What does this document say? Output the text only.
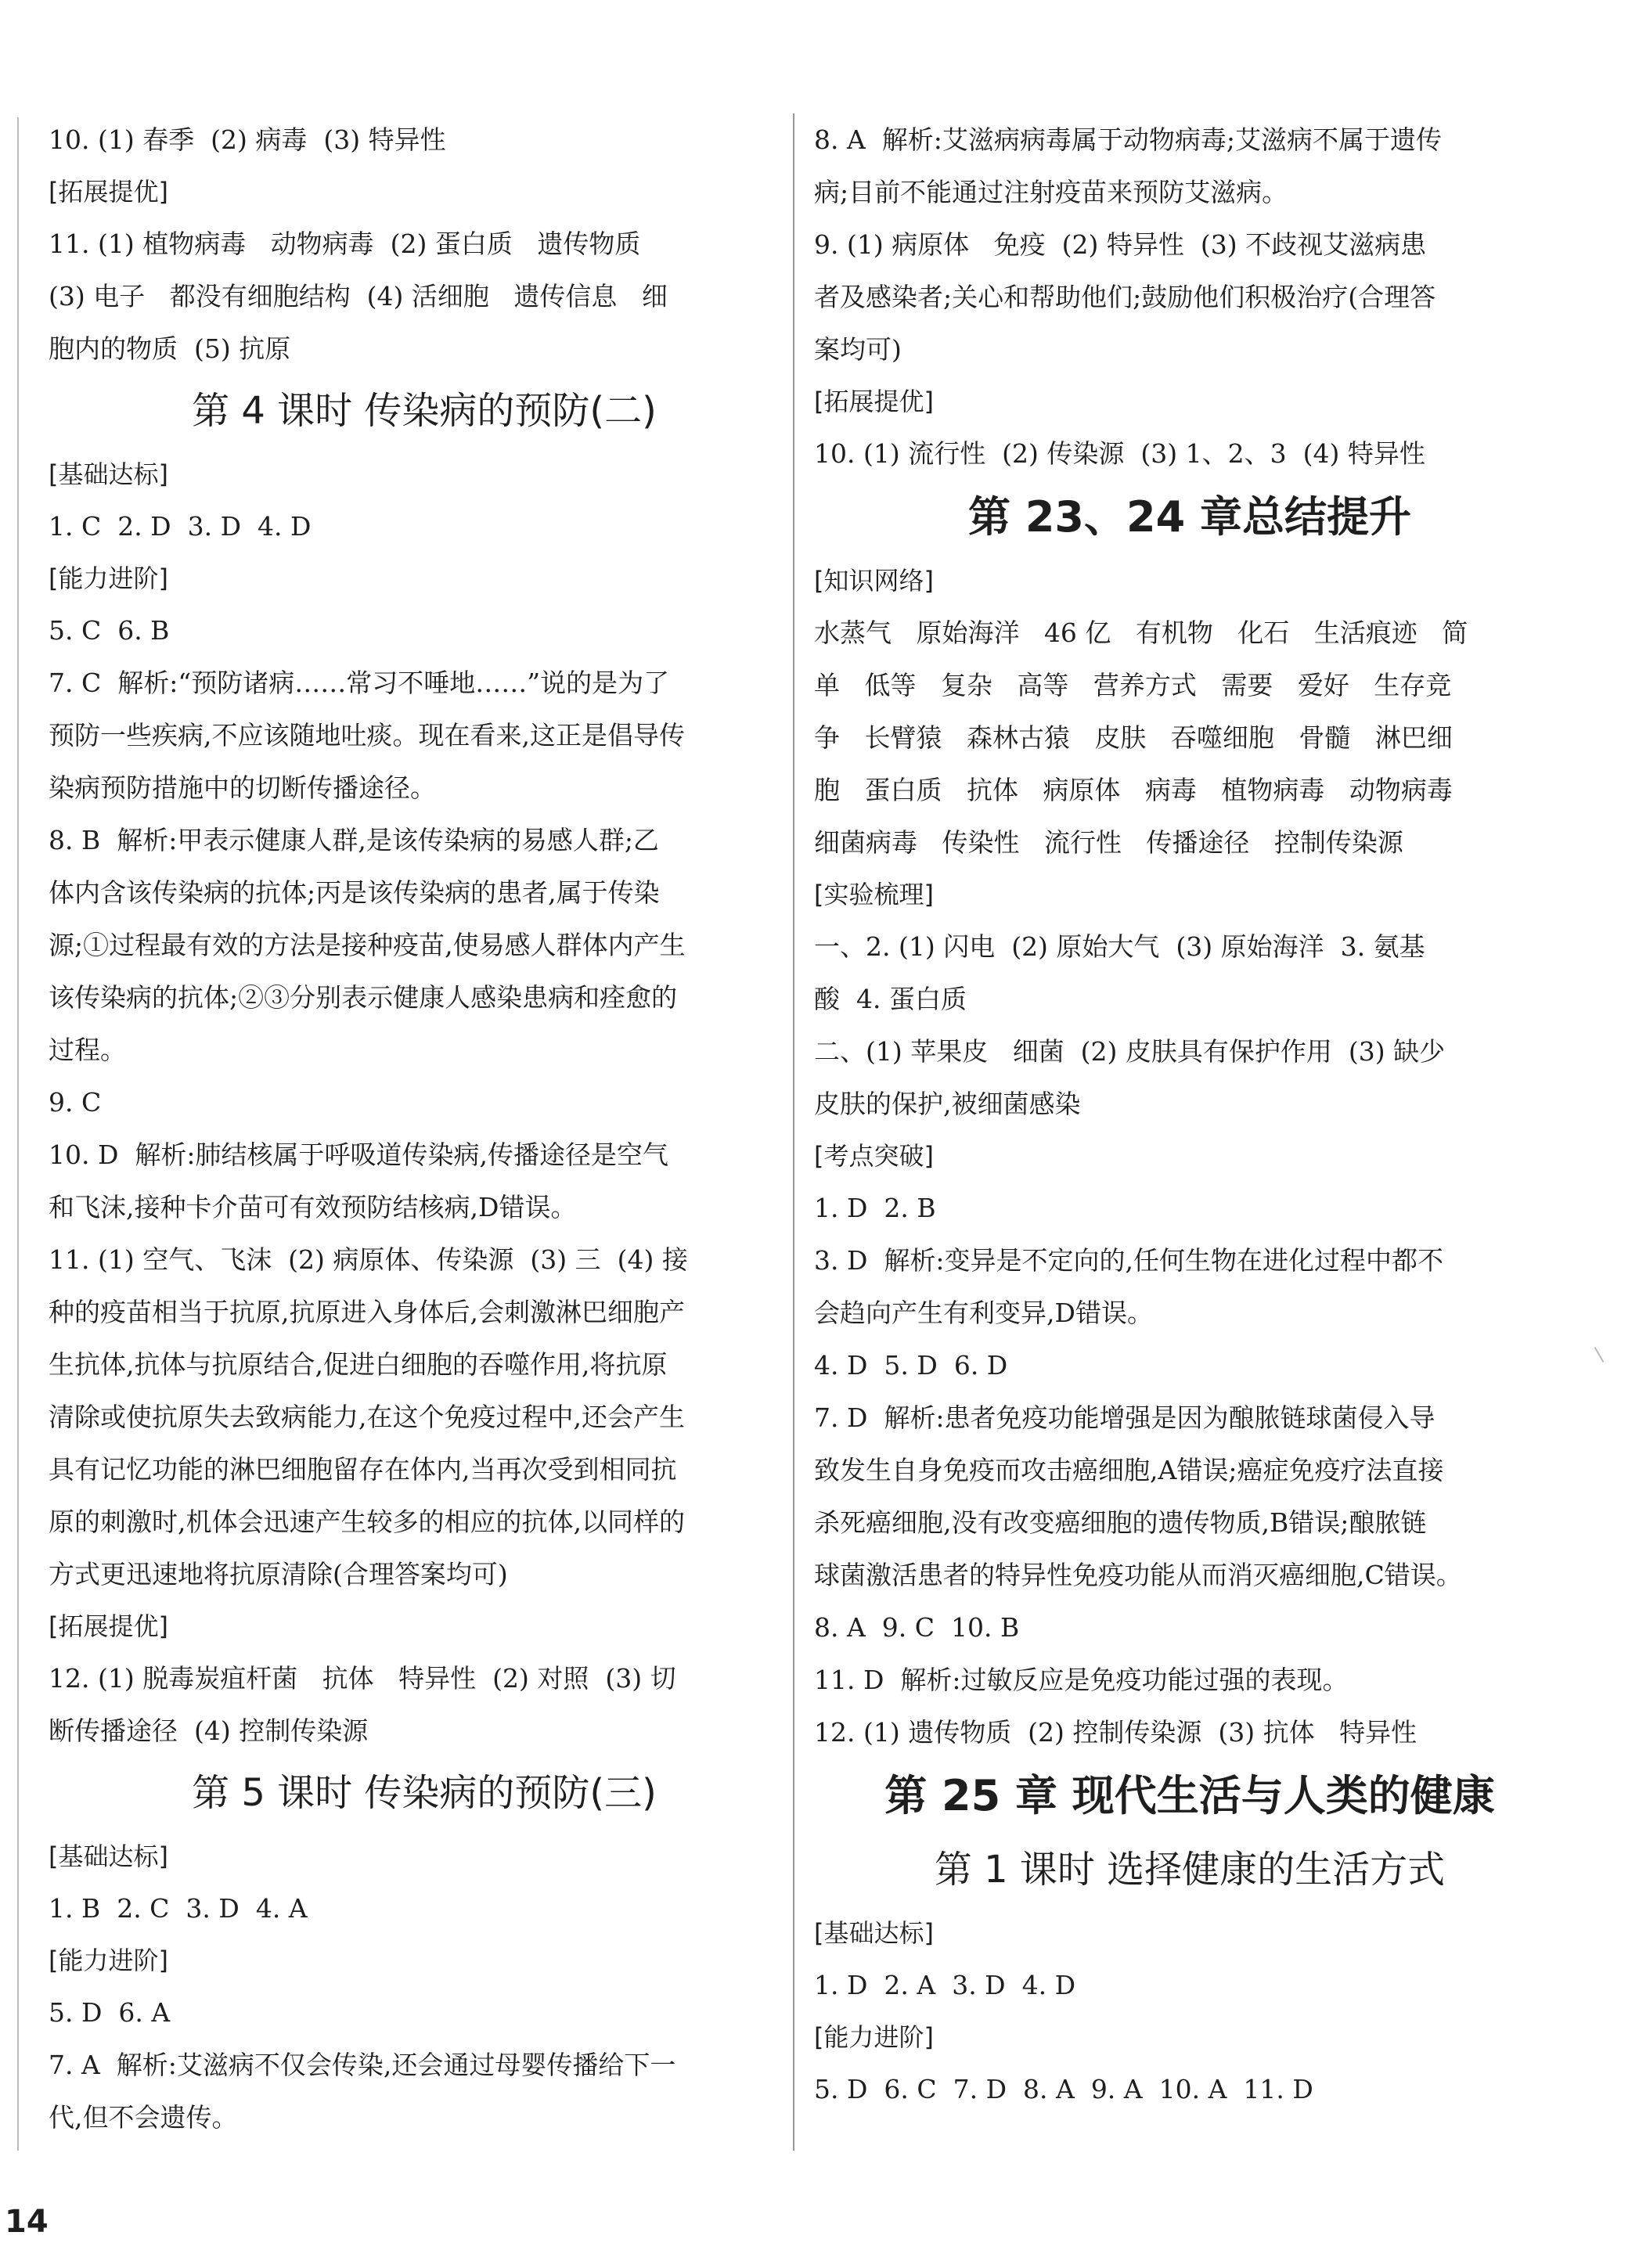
10. (1) 春季  (2) 病毒  (3) 特异性

[拓展提优]

11. (1) 植物病毒   动物病毒  (2) 蛋白质   遗传物质

(3) 电子   都没有细胞结构  (4) 活细胞   遗传信息   细

胞内的物质  (5) 抗原

第 4 课时 传染病的预防(二)

[基础达标]

1. C  2. D  3. D  4. D

[能力进阶]

5. C  6. B

7. C  解析:“预防诸病……常习不唾地……”说的是为了

预防一些疾病,不应该随地吐痰。现在看来,这正是倡导传

染病预防措施中的切断传播途径。

8. B  解析:甲表示健康人群,是该传染病的易感人群;乙

体内含该传染病的抗体;丙是该传染病的患者,属于传染

源;①过程最有效的方法是接种疫苗,使易感人群体内产生

该传染病的抗体;②③分别表示健康人感染患病和痊愈的

过程。

9. C

10. D  解析:肺结核属于呼吸道传染病,传播途径是空气

和飞沫,接种卡介苗可有效预防结核病,D错误。

11. (1) 空气、飞沫  (2) 病原体、传染源  (3) 三  (4) 接

种的疫苗相当于抗原,抗原进入身体后,会刺激淋巴细胞产

生抗体,抗体与抗原结合,促进白细胞的吞噬作用,将抗原

清除或使抗原失去致病能力,在这个免疫过程中,还会产生

具有记忆功能的淋巴细胞留存在体内,当再次受到相同抗

原的刺激时,机体会迅速产生较多的相应的抗体,以同样的

方式更迅速地将抗原清除(合理答案均可)

[拓展提优]

12. (1) 脱毒炭疽杆菌   抗体   特异性  (2) 对照  (3) 切

断传播途径  (4) 控制传染源

第 5 课时 传染病的预防(三)

[基础达标]

1. B  2. C  3. D  4. A

[能力进阶]

5. D  6. A

7. A  解析:艾滋病不仅会传染,还会通过母婴传播给下一

代,但不会遗传。

8. A  解析:艾滋病病毒属于动物病毒;艾滋病不属于遗传

病;目前不能通过注射疫苗来预防艾滋病。

9. (1) 病原体   免疫  (2) 特异性  (3) 不歧视艾滋病患

者及感染者;关心和帮助他们;鼓励他们积极治疗(合理答

案均可)

[拓展提优]

10. (1) 流行性  (2) 传染源  (3) 1、2、3  (4) 特异性

第 23、24 章总结提升

[知识网络]

水蒸气   原始海洋   46 亿   有机物   化石   生活痕迹   简

单   低等   复杂   高等   营养方式   需要   爱好   生存竞

争   长臂猿   森林古猿   皮肤   吞噬细胞   骨髓   淋巴细

胞   蛋白质   抗体   病原体   病毒   植物病毒   动物病毒

细菌病毒   传染性   流行性   传播途径   控制传染源

[实验梳理]

一、2. (1) 闪电  (2) 原始大气  (3) 原始海洋  3. 氨基

酸  4. 蛋白质

二、(1) 苹果皮   细菌  (2) 皮肤具有保护作用  (3) 缺少

皮肤的保护,被细菌感染

[考点突破]

1. D  2. B

3. D  解析:变异是不定向的,任何生物在进化过程中都不

会趋向产生有利变异,D错误。

4. D  5. D  6. D

7. D  解析:患者免疫功能增强是因为酿脓链球菌侵入导

致发生自身免疫而攻击癌细胞,A错误;癌症免疫疗法直接

杀死癌细胞,没有改变癌细胞的遗传物质,B错误;酿脓链

球菌激活患者的特异性免疫功能从而消灭癌细胞,C错误。

8. A  9. C  10. B

11. D  解析:过敏反应是免疫功能过强的表现。

12. (1) 遗传物质  (2) 控制传染源  (3) 抗体   特异性

第 25 章 现代生活与人类的健康

第 1 课时 选择健康的生活方式

[基础达标]

1. D  2. A  3. D  4. D

[能力进阶]

5. D  6. C  7. D  8. A  9. A  10. A  11. D

14
